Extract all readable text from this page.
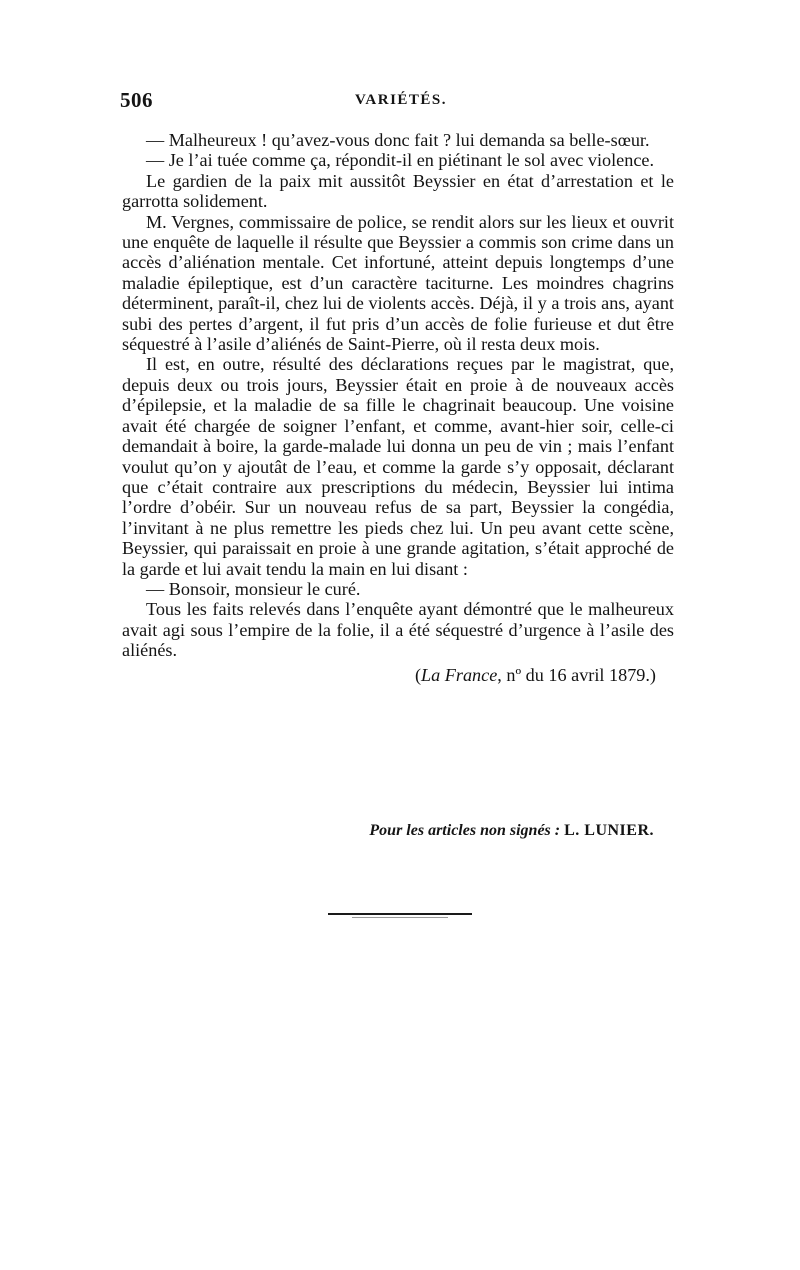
506	VARIÉTÉS.

— Malheureux ! qu’avez-vous donc fait ? lui demanda sa belle-sœur.

— Je l’ai tuée comme ça, répondit-il en piétinant le sol avec violence.

Le gardien de la paix mit aussitôt Beyssier en état d’arrestation et le garrotta solidement.

M. Vergnes, commissaire de police, se rendit alors sur les lieux et ouvrit une enquête de laquelle il résulte que Beyssier a commis son crime dans un accès d’aliénation mentale. Cet infortuné, atteint depuis longtemps d’une maladie épileptique, est d’un caractère taciturne. Les moindres chagrins déterminent, paraît-il, chez lui de violents accès. Déjà, il y a trois ans, ayant subi des pertes d’argent, il fut pris d’un accès de folie furieuse et dut être séquestré à l’asile d’aliénés de Saint-Pierre, où il resta deux mois.

Il est, en outre, résulté des déclarations reçues par le magistrat, que, depuis deux ou trois jours, Beyssier était en proie à de nouveaux accès d’épilepsie, et la maladie de sa fille le chagrinait beaucoup. Une voisine avait été chargée de soigner l’enfant, et comme, avant-hier soir, celle-ci demandait à boire, la garde-malade lui donna un peu de vin ; mais l’enfant voulut qu’on y ajoutât de l’eau, et comme la garde s’y opposait, déclarant que c’était contraire aux prescriptions du médecin, Beyssier lui intima l’ordre d’obéir. Sur un nouveau refus de sa part, Beyssier la congédia, l’invitant à ne plus remettre les pieds chez lui. Un peu avant cette scène, Beyssier, qui paraissait en proie à une grande agitation, s’était approché de la garde et lui avait tendu la main en lui disant :

— Bonsoir, monsieur le curé.

Tous les faits relevés dans l’enquête ayant démontré que le malheureux avait agi sous l’empire de la folie, il a été séquestré d’urgence à l’asile des aliénés.

(La France, nº du 16 avril 1879.)

Pour les articles non signés : L. LUNIER.
